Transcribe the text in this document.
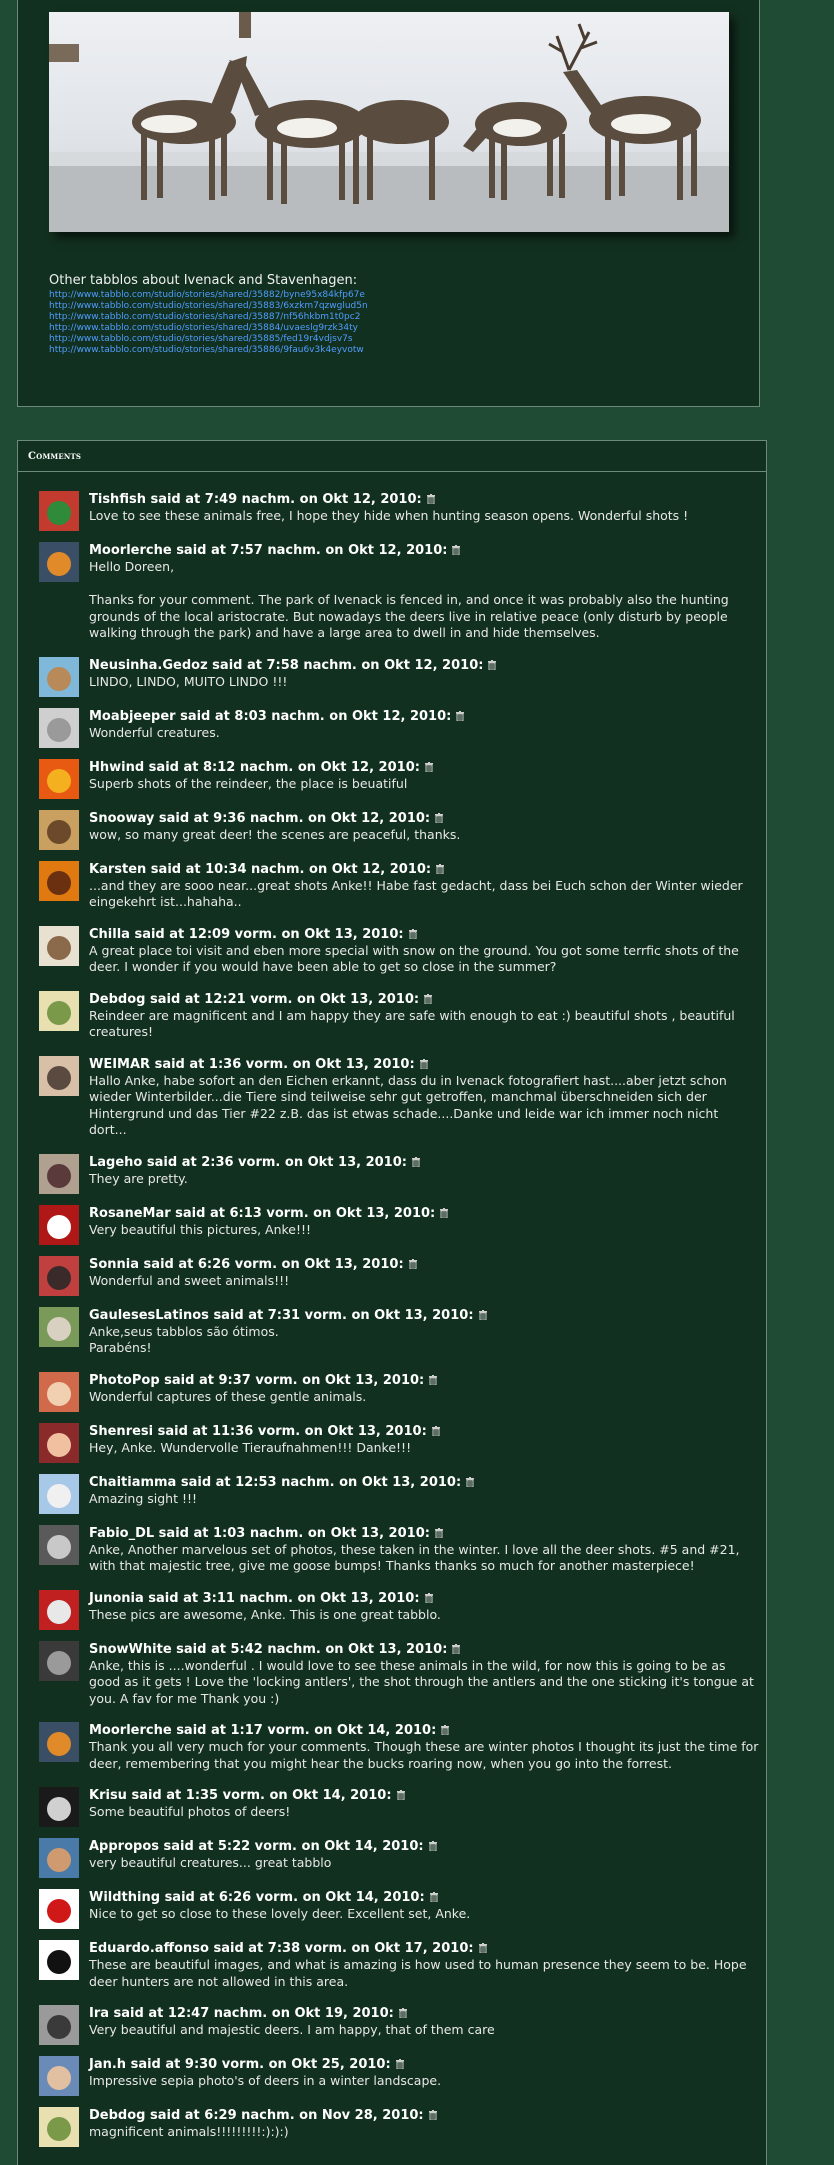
Other tabblos about Ivenack and Stavenhagen:
http://www.tabblo.com/studio/stories/shared/35882/byne95x84kfp67e
http://www.tabblo.com/studio/stories/shared/35883/6xzkm7qzwglud5n
http://www.tabblo.com/studio/stories/shared/35887/nf56hkbm1t0pc2
http://www.tabblo.com/studio/stories/shared/35884/uvaeslg9rzk34ty
http://www.tabblo.com/studio/stories/shared/35885/fed19r4vdjsv7s
http://www.tabblo.com/studio/stories/shared/35886/9fau6v3k4eyvotw
Comments
Tishfish said at 7:49 nachm. on Okt 12, 2010:
Love to see these animals free, I hope they hide when hunting season opens. Wonderful shots !
Moorlerche said at 7:57 nachm. on Okt 12, 2010:
Hello Doreen,

Thanks for your comment. The park of Ivenack is fenced in, and once it was probably also the hunting grounds of the local aristocrate. But nowadays the deers live in relative peace (only disturb by people walking through the park) and have a large area to dwell in and hide themselves.
Neusinha.Gedoz said at 7:58 nachm. on Okt 12, 2010:
LINDO, LINDO, MUITO LINDO !!!
Moabjeeper said at 8:03 nachm. on Okt 12, 2010:
Wonderful creatures.
Hhwind said at 8:12 nachm. on Okt 12, 2010:
Superb shots of the reindeer, the place is beuatiful
Snooway said at 9:36 nachm. on Okt 12, 2010:
wow, so many great deer! the scenes are peaceful, thanks.
Karsten said at 10:34 nachm. on Okt 12, 2010:
...and they are sooo near...great shots Anke!! Habe fast gedacht, dass bei Euch schon der Winter wieder eingekehrt ist...hahaha..
Chilla said at 12:09 vorm. on Okt 13, 2010:
A great place toi visit and eben more special with snow on the ground. You got some terrfic shots of the deer. I wonder if you would have been able to get so close in the summer?
Debdog said at 12:21 vorm. on Okt 13, 2010:
Reindeer are magnificent and I am happy they are safe with enough to eat :) beautiful shots , beautiful creatures!
WEIMAR said at 1:36 vorm. on Okt 13, 2010:
Hallo Anke, habe sofort an den Eichen erkannt, dass du in Ivenack fotografiert hast....aber jetzt schon wieder Winterbilder...die Tiere sind teilweise sehr gut getroffen, manchmal überschneiden sich der Hintergrund und das Tier #22 z.B. das ist etwas schade....Danke und leide war ich immer noch nicht dort...
Lageho said at 2:36 vorm. on Okt 13, 2010:
They are pretty.
RosaneMar said at 6:13 vorm. on Okt 13, 2010:
Very beautiful this pictures, Anke!!!
Sonnia said at 6:26 vorm. on Okt 13, 2010:
Wonderful and sweet animals!!!
GaulesesLatinos said at 7:31 vorm. on Okt 13, 2010:
Anke,seus tabblos são ótimos.
Parabéns!
PhotoPop said at 9:37 vorm. on Okt 13, 2010:
Wonderful captures of these gentle animals.
Shenresi said at 11:36 vorm. on Okt 13, 2010:
Hey, Anke. Wundervolle Tieraufnahmen!!! Danke!!!
Chaitiamma said at 12:53 nachm. on Okt 13, 2010:
Amazing sight !!!
Fabio_DL said at 1:03 nachm. on Okt 13, 2010:
Anke, Another marvelous set of photos, these taken in the winter. I love all the deer shots. #5 and #21, with that majestic tree, give me goose bumps! Thanks thanks so much for another masterpiece!
Junonia said at 3:11 nachm. on Okt 13, 2010:
These pics are awesome, Anke. This is one great tabblo.
SnowWhite said at 5:42 nachm. on Okt 13, 2010:
Anke, this is ....wonderful . I would love to see these animals in the wild, for now this is going to be as good as it gets ! Love the 'locking antlers', the shot through the antlers and the one sticking it's tongue at you. A fav for me Thank you :)
Moorlerche said at 1:17 vorm. on Okt 14, 2010:
Thank you all very much for your comments. Though these are winter photos I thought its just the time for deer, remembering that you might hear the bucks roaring now, when you go into the forrest.
Krisu said at 1:35 vorm. on Okt 14, 2010:
Some beautiful photos of deers!
Appropos said at 5:22 vorm. on Okt 14, 2010:
very beautiful creatures... great tabblo
Wildthing said at 6:26 vorm. on Okt 14, 2010:
Nice to get so close to these lovely deer. Excellent set, Anke.
Eduardo.affonso said at 7:38 vorm. on Okt 17, 2010:
These are beautiful images, and what is amazing is how used to human presence they seem to be. Hope deer hunters are not allowed in this area.
Ira said at 12:47 nachm. on Okt 19, 2010:
Very beautiful and majestic deers. I am happy, that of them care
Jan.h said at 9:30 vorm. on Okt 25, 2010:
Impressive sepia photo's of deers in a winter landscape.
Debdog said at 6:29 nachm. on Nov 28, 2010:
magnificent animals!!!!!!!!!:):):)
